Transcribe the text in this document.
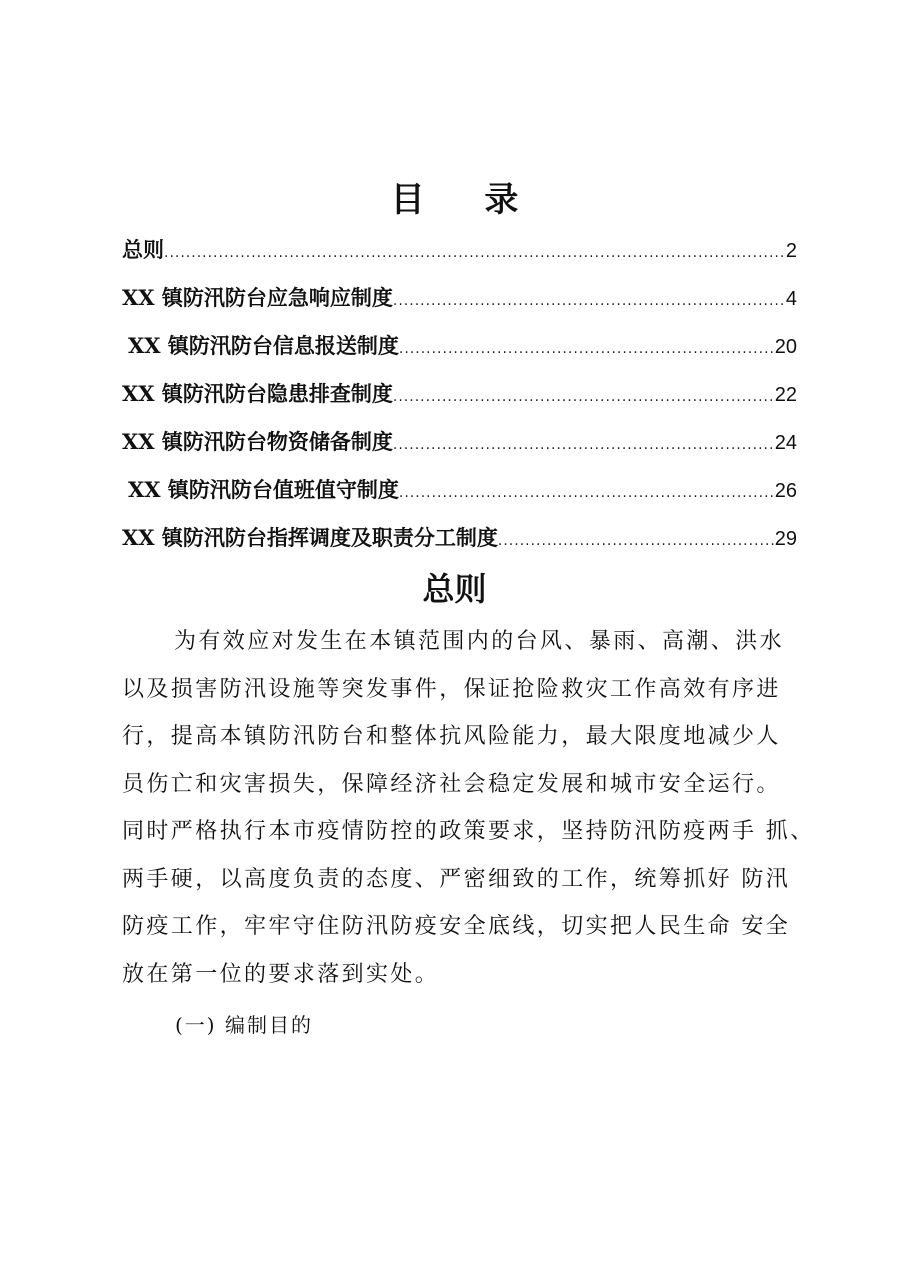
目 录
总则 .....	2
XX 镇防汛防台应急响应制度 .....	4
XX 镇防汛防台信息报送制度 .....	20
XX 镇防汛防台隐患排查制度 .....	22
XX 镇防汛防台物资储备制度 .....	24
XX 镇防汛防台值班值守制度 .....	26
XX 镇防汛防台指挥调度及职责分工制度 .....	29
总则
为有效应对发生在本镇范围内的台风、暴雨、高潮、洪水
以及损害防汛设施等突发事件，保证抢险救灾工作高效有序进
行，提高本镇防汛防台和整体抗风险能力，最大限度地减少人
员伤亡和灾害损失，保障经济社会稳定发展和城市安全运行。
同时严格执行本市疫情防控的政策要求，坚持防汛防疫两手 抓、
两手硬，以高度负责的态度、严密细致的工作，统筹抓好 防汛
防疫工作，牢牢守住防汛防疫安全底线，切实把人民生命 安全
放在第一位的要求落到实处。
(一) 编制目的
